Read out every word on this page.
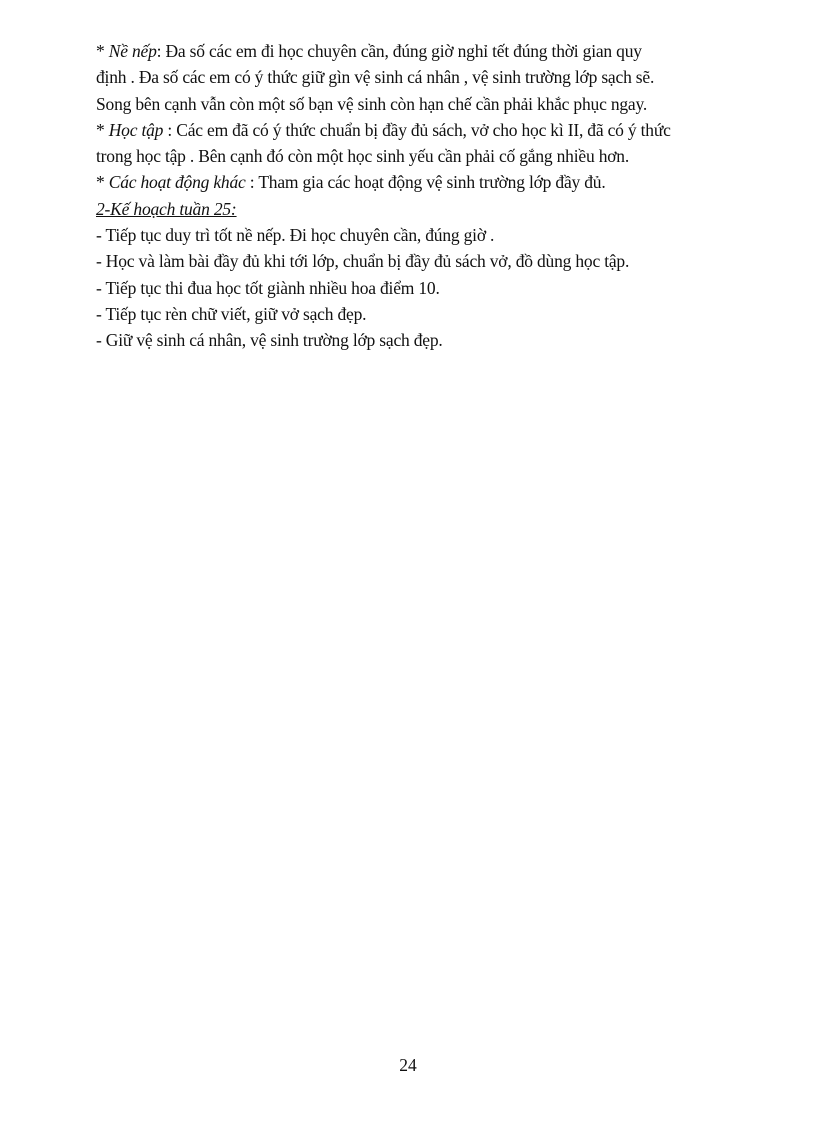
* Nề nếp: Đa số các em đi học chuyên cần, đúng giờ nghỉ tết đúng thời gian quy
định . Đa số các em có ý thức giữ gìn vệ sinh cá nhân , vệ sinh trường lớp sạch sẽ.
Song bên cạnh vẫn còn một số bạn vệ sinh còn hạn chế cần phải khắc phục ngay.
* Học tập : Các em đã có ý thức chuẩn bị đầy đủ sách, vở cho học kì II, đã có ý thức
trong học tập . Bên cạnh đó còn một học sinh yếu cần phải cố gắng nhiều hơn.
* Các hoạt động khác : Tham gia các hoạt động vệ sinh trường lớp đầy đủ.
2-Kế hoạch tuần 25:
- Tiếp tục duy trì tốt nề nếp. Đi học chuyên cần, đúng giờ .
- Học và làm bài đầy đủ khi tới lớp, chuẩn bị đầy đủ sách vở, đồ dùng học tập.
- Tiếp tục thi đua học tốt giành nhiều hoa điểm 10.
- Tiếp tục rèn chữ viết, giữ vở sạch đẹp.
- Giữ vệ sinh cá nhân, vệ sinh trường lớp sạch đẹp.
24
